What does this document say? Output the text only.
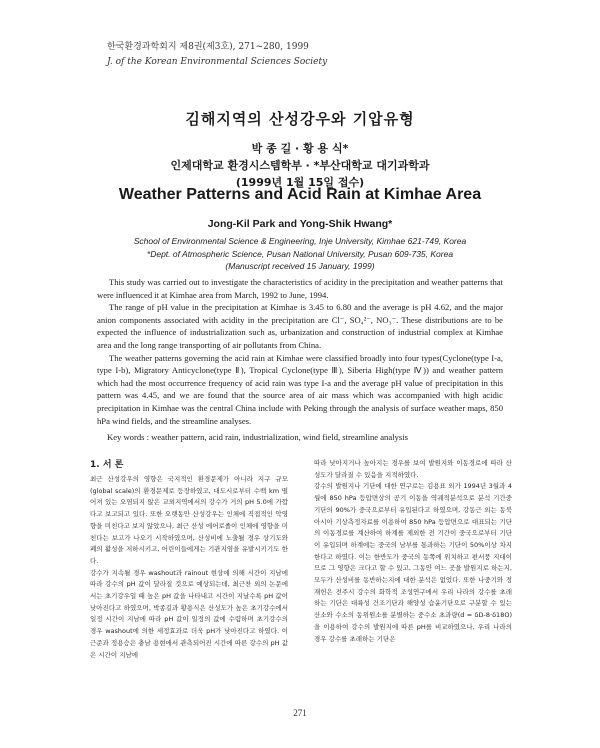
한국환경과학회지 제8권(제3호), 271~280, 1999
J. of the Korean Environmental Sciences Society
김해지역의 산성강우와 기압유형
박 종 길 · 황 용 식*
인제대학교 환경시스템학부 · *부산대학교 대기과학과
(1999년 1월 15일 접수)
Weather Patterns and Acid Rain at Kimhae Area
Jong-Kil Park and Yong-Shik Hwang*
School of Environmental Science & Engineering, Inje University, Kimhae 621-749, Korea
*Dept. of Atmospheric Science, Pusan National University, Pusan 609-735, Korea
(Manuscript received 15 January, 1999)

This study was carried out to investigate the characteristics of acidity in the precipitation and weather patterns that were influenced it at Kimhae area from March, 1992 to June, 1994.

The range of pH value in the precipitation at Kimhae is 3.45 to 6.80 and the average is pH 4.62, and the major anion components associated with acidity in the precipitation are Cl⁻, SO₄²⁻, NO₃⁻. These distributions are to be expected the influence of industrialization such as, urbanization and construction of industrial complex at Kimhae area and the long range transporting of air pollutants from China.

The weather patterns governing the acid rain at Kimhae were classified broadly into four types(Cyclone(type I-a, type I-b), Migratory Anticyclone(type Ⅱ), Tropical Cyclone(type Ⅲ), Siberia High(type Ⅳ)) and weather pattern which had the most occurrence frequency of acid rain was type I-a and the average pH value of precipitation in this pattern was 4.45, and we are found that the source area of air mass which was accompanied with high acidic precipitation in Kimhae was the central China include with Peking through the analysis of surface weather maps, 850 hPa wind fields, and the streamline analyses.

Key words : weather pattern, acid rain, industrialization, wind field, streamline analysis
1. 서 론

최근 산성강우의 영향은 국지적인 환경문제가 아니라 지구 규모(global scale)의 환경문제로 등장하였고, 대도시로부터 수백 km 떨어져 있는 오염되지 않은 교외지역에서의 강수가 거의 pH 5.0에 가깝다고 보고되고 있다. 또한 오랫동안 산성강우는 인체에 직접적인 악영향을 미친다고 보지 않았으나, 최근 산성 에어로졸이 인체에 영향을 미친다는 보고가 나오기 시작하였으며, 산성비에 노출될 경우 상기도와 폐의 활성을 저하시키고, 어린이들에게는 기관지염을 유발시키기도 한다.

강수가 지속될 경우 washout과 rainout 현상에 의해 시간이 지남에 따라 강수의 pH 값이 달라질 것으로 예상되는데, 최근찬 외의 논문에서는 초기강우일 때 높은 pH 값을 나타내고 시간이 지날수록 pH 값이 낮아진다고 하였으며, 박종길과 황용식은 산성도가 높은 초기강수에서 일정 시간이 지남에 따라 pH 값이 일정의 값에 수렴하며 초기강수의 경우 washout에 의한 세정효과로 더욱 pH가 낮아진다고 하였다. 이근준과 정용승은 충남 용현에서 관측되어진 시간에 따른 강수의 pH 값은 시간이 지남에

따라 낮아지거나 높아지는 경우를 보여 발원지와 이동경로에 따라 산성도가 달라질 수 있음을 지적하였다.

강수의 발원지나 기단에 대한 연구로는 김용표 외가 1994년 3월과 4월에 850 hPa 등압면상의 공기 이동을 역궤적분석으로 분석 기간중 기단의 90%가 중국으로부터 유입된다고 하였으며, 강동근 외는 동북아시아 기상측정자료를 이용하여 850 hPa 등압면으로 대표되는 기단의 이동경로를 계산하여 하계를 제외한 전 기간이 중국으로부터 기단이 유입되며 하계에는 중국의 남부를 통과하는 기단이 50%이상 차지한다고 하였다. 이는 한반도가 중국의 동쪽에 위치하고 편서풍 지대이므로 그 영향은 크다고 할 수 있고, 그동안 여느 곳을 발원지로 하는지, 모두가 산성비를 동반하는지에 대한 분석은 없었다. 또한 나중기와 정재헌은 전주시 강수의 화학적 조성연구에서 우리 나라의 강수를 초래하는 기단은 대륙성 건조기단과 해양성 습윤기단으로 구분할 수 있는 산소와 수소의 동위원소를 분별하는 중수소 초과량(d = δD-8·δ18O)을 이용하여 강수의 발원지에 따른 pH를 비교하였으나, 우리 나라의 경우 강수를 초래하는 기단은

271
